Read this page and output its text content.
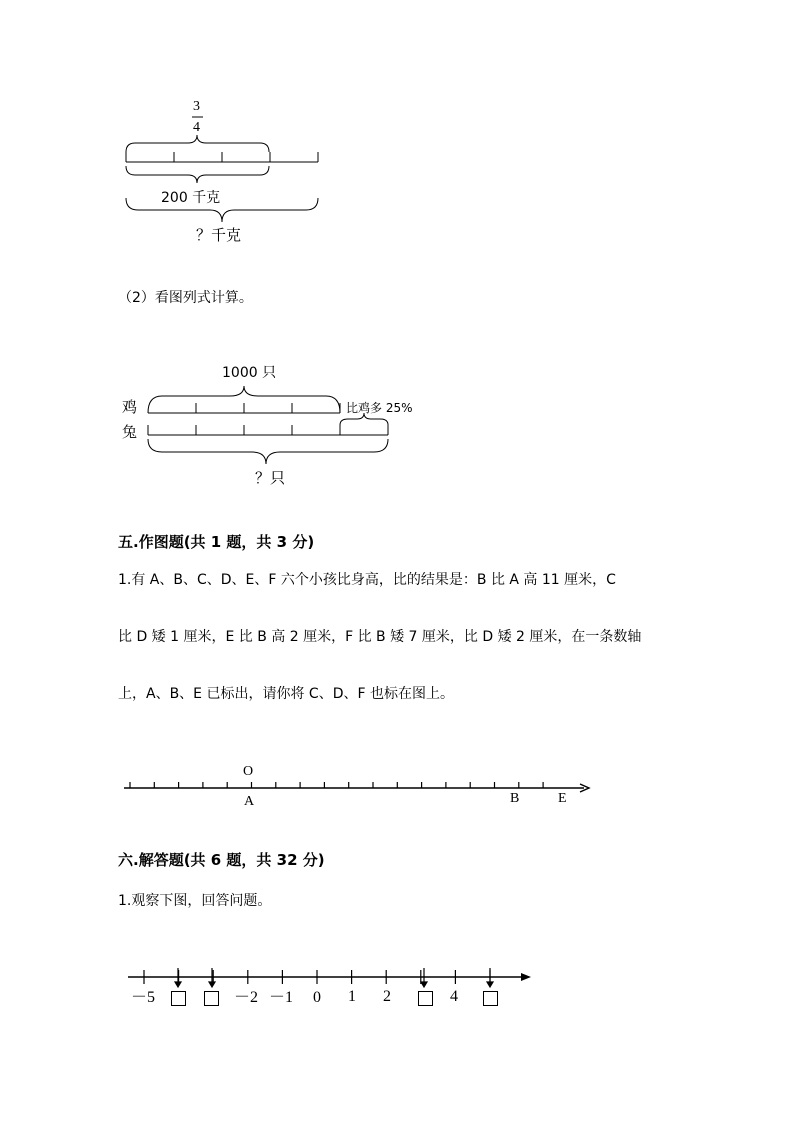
3
4
200 千克
？千克
（2）看图列式计算。
1000 只
鸡
兔
比鸡多 25%
？只
五.作图题(共 1 题，共 3 分)
1.有 A、B、C、D、E、F 六个小孩比身高，比的结果是：B 比 A 高 11 厘米，C
比 D 矮 1 厘米，E 比 B 高 2 厘米，F 比 B 矮 7 厘米，比 D 矮 2 厘米，在一条数轴
上，A、B、E 已标出，请你将 C、D、F 也标在图上。
O
A	B	E
六.解答题(共 6 题，共 32 分)
1.观察下图，回答问题。
－5	－2 －1 0 1 2	4
